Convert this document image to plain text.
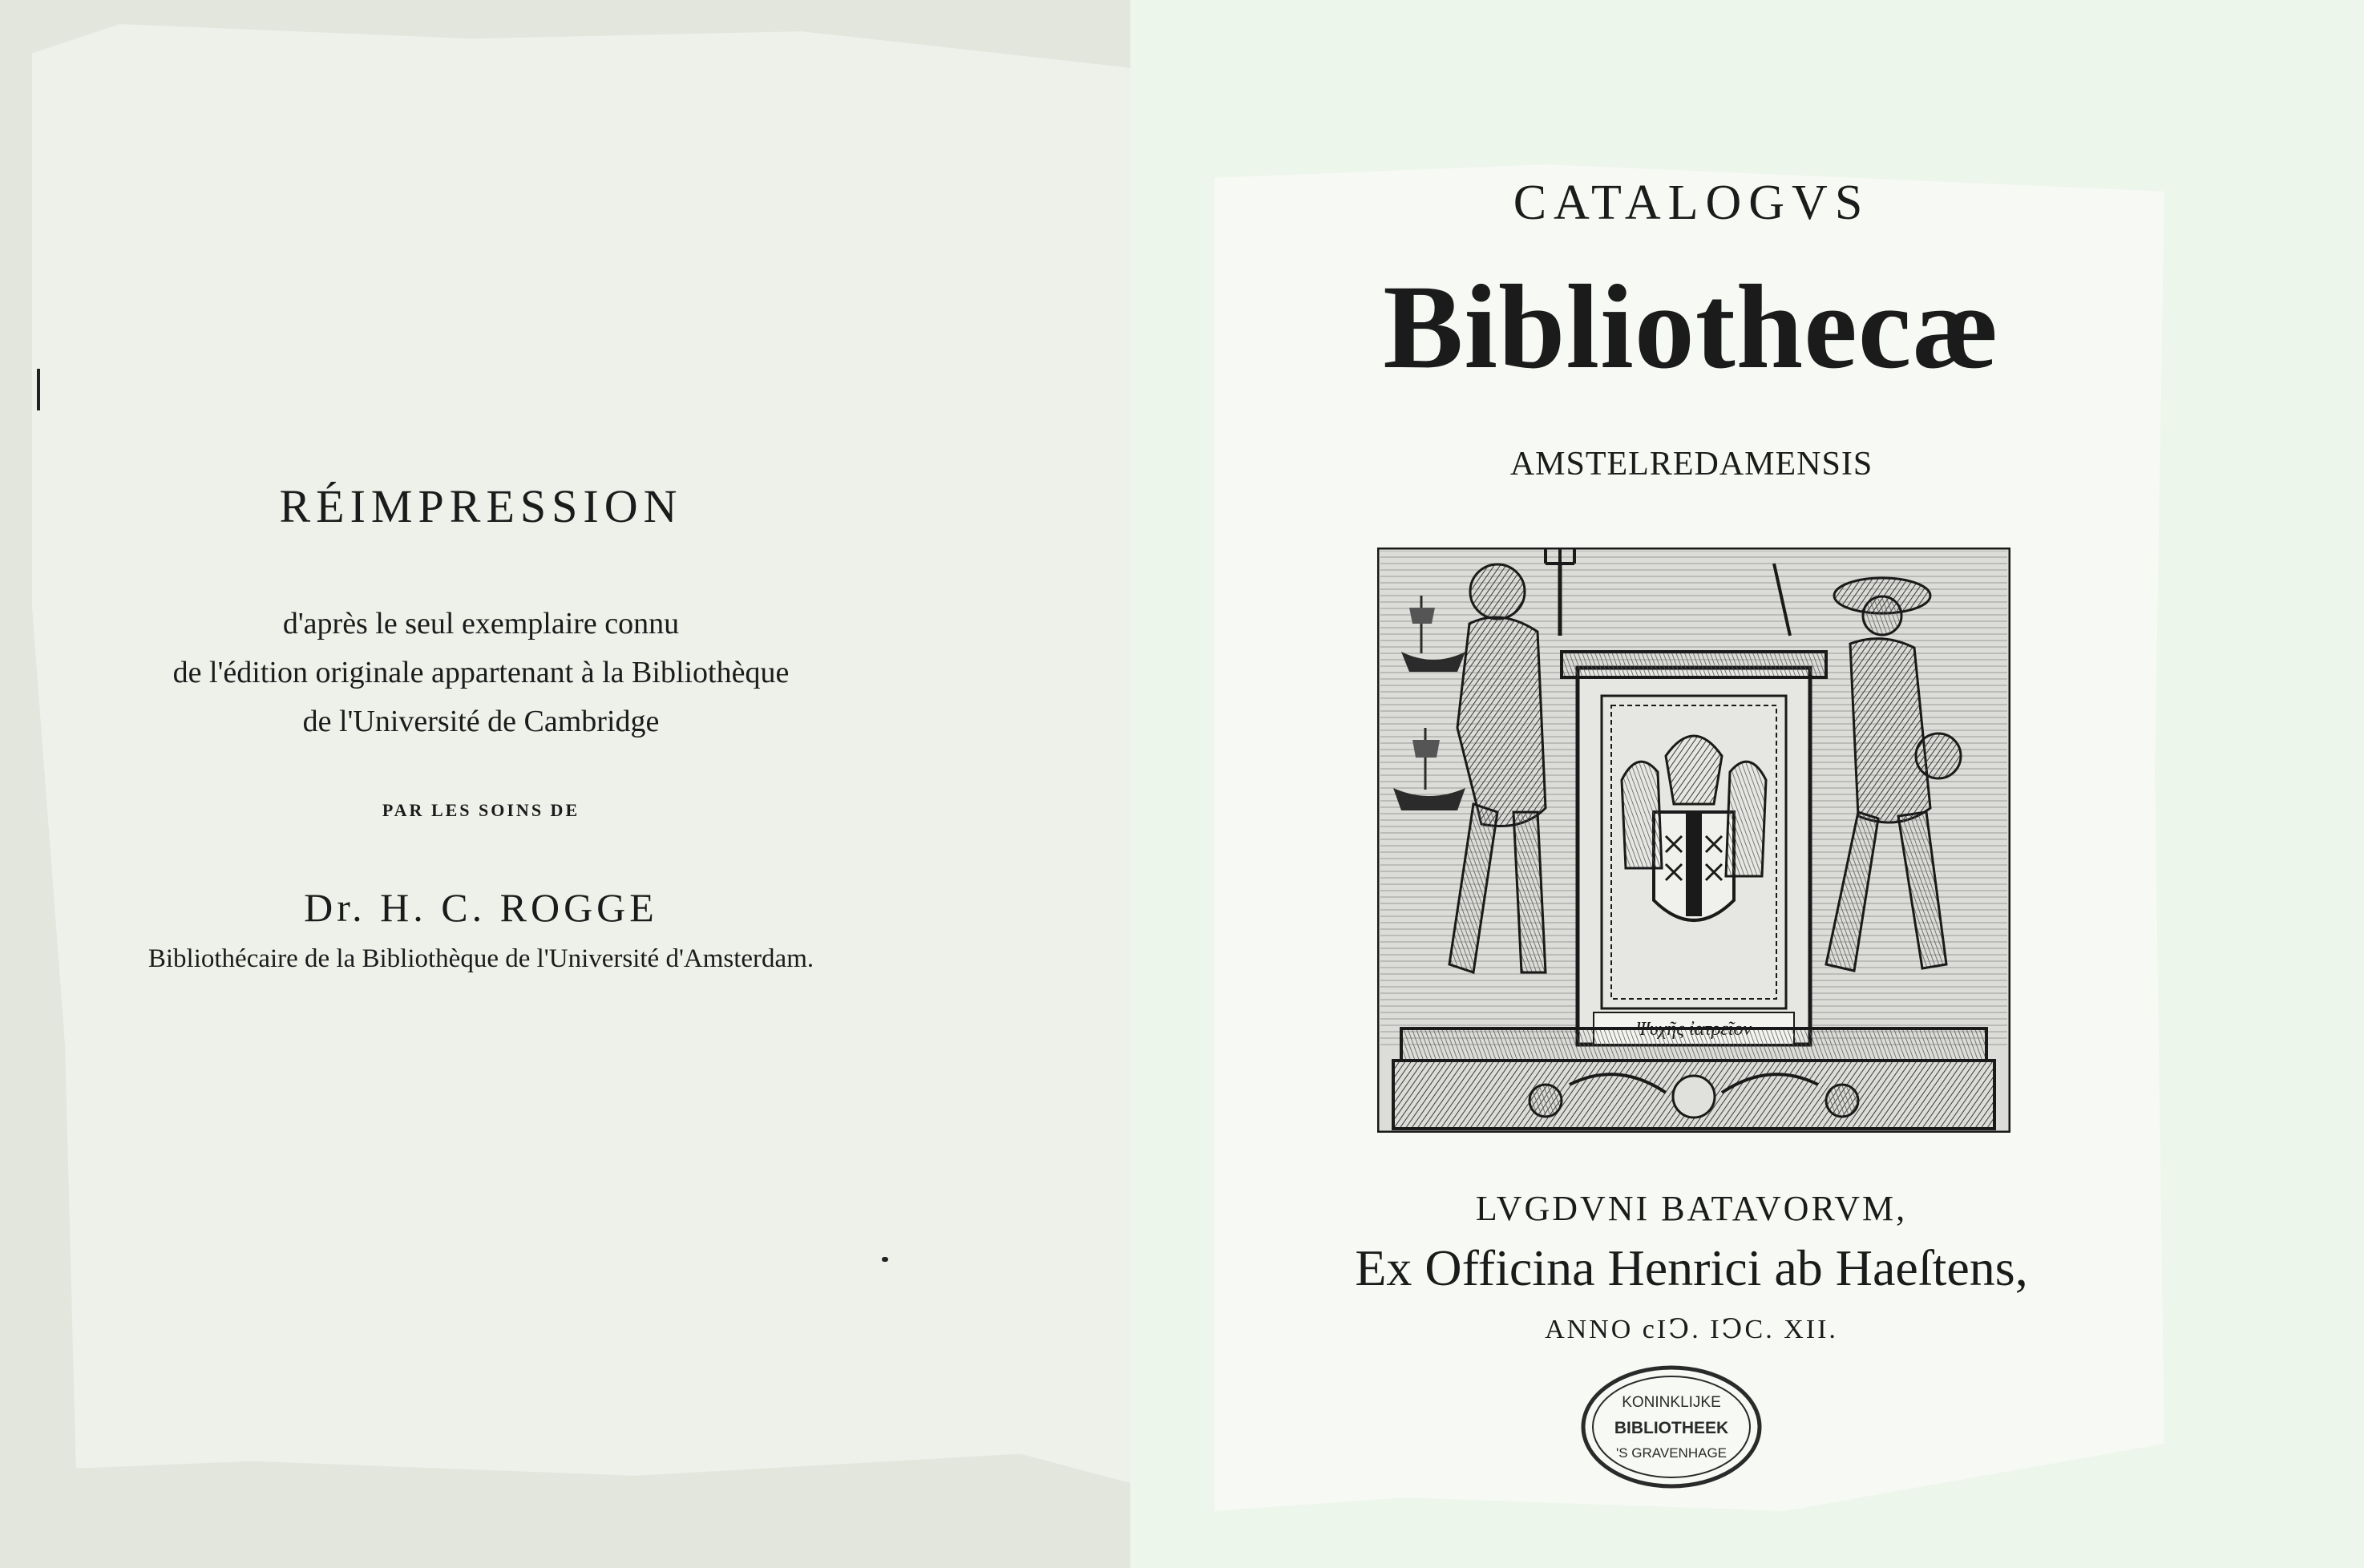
RÉIMPRESSION
d'après le seul exemplaire connu
de l'édition originale appartenant à la Bibliothèque
de l'Université de Cambridge
PAR LES SOINS DE
Dr. H. C. ROGGE
Bibliothécaire de la Bibliothèque de l'Université d'Amsterdam.
CATALOGVS
Bibliothecæ
AMSTELREDAMENSIS
LVGDVNI BATAVORVM,
Ex Officina Henrici ab Haeſtens,
ANNO cIↃ. IↃC. XII.
KONINKLIJKE
BIBLIOTHEEK
'S GRAVENHAGE
